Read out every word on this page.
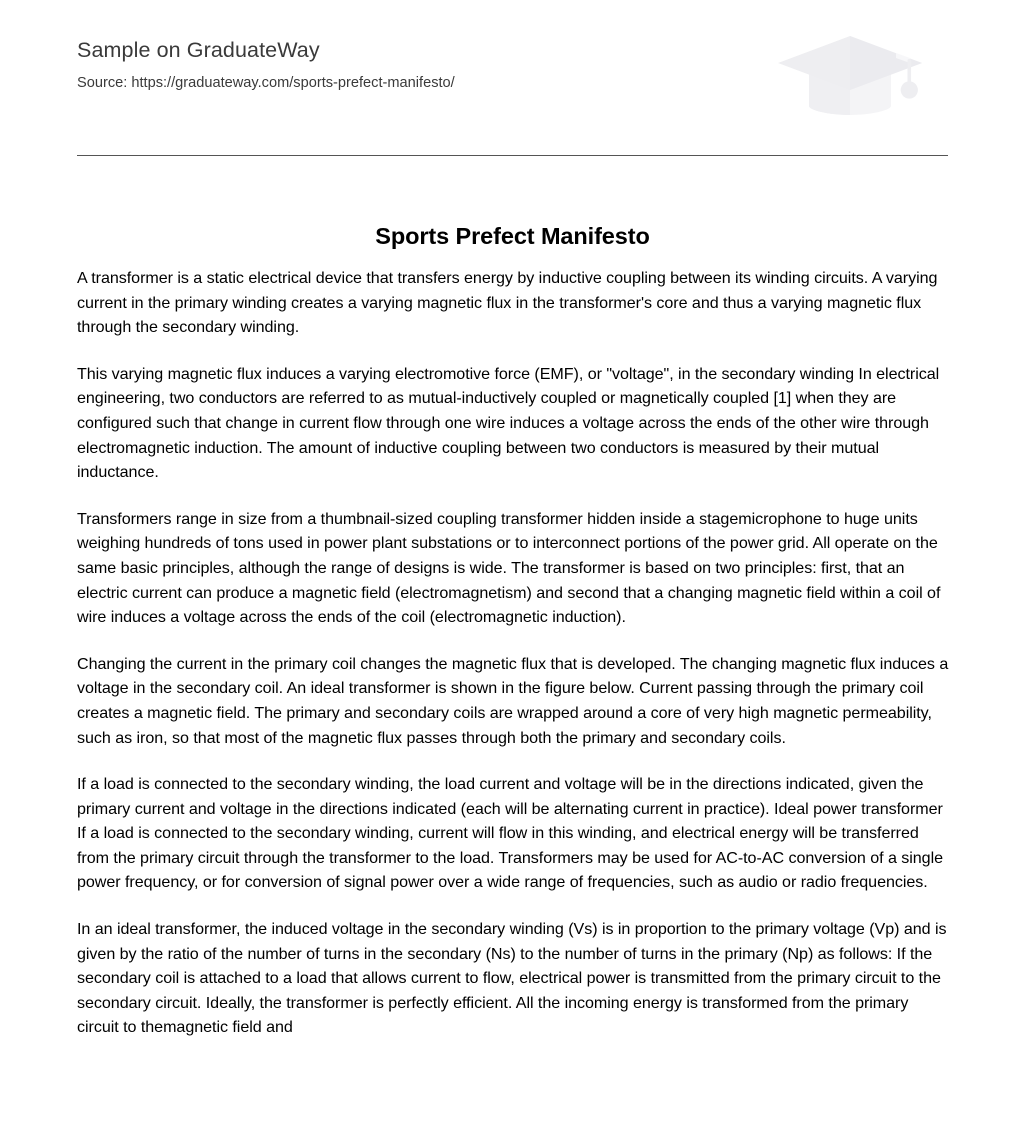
Sample on GraduateWay
Source: https://graduateway.com/sports-prefect-manifesto/
Sports Prefect Manifesto

A transformer is a static electrical device that transfers energy by inductive coupling between its winding circuits. A varying current in the primary winding creates a varying magnetic flux in the transformer's core and thus a varying magnetic flux through the secondary winding.

This varying magnetic flux induces a varying electromotive force (EMF), or "voltage", in the secondary winding In electrical engineering, two conductors are referred to as mutual-inductively coupled or magnetically coupled [1] when they are configured such that change in current flow through one wire induces a voltage across the ends of the other wire through electromagnetic induction. The amount of inductive coupling between two conductors is measured by their mutual inductance.

Transformers range in size from a thumbnail-sized coupling transformer hidden inside a stagemicrophone to huge units weighing hundreds of tons used in power plant substations or to interconnect portions of the power grid. All operate on the same basic principles, although the range of designs is wide. The transformer is based on two principles: first, that an electric current can produce a magnetic field (electromagnetism) and second that a changing magnetic field within a coil of wire induces a voltage across the ends of the coil (electromagnetic induction).

Changing the current in the primary coil changes the magnetic flux that is developed. The changing magnetic flux induces a voltage in the secondary coil. An ideal transformer is shown in the figure below. Current passing through the primary coil creates a magnetic field. The primary and secondary coils are wrapped around a core of very high magnetic permeability, such as iron, so that most of the magnetic flux passes through both the primary and secondary coils.

If a load is connected to the secondary winding, the load current and voltage will be in the directions indicated, given the primary current and voltage in the directions indicated (each will be alternating current in practice). Ideal power transformer If a load is connected to the secondary winding, current will flow in this winding, and electrical energy will be transferred from the primary circuit through the transformer to the load. Transformers may be used for AC-to-AC conversion of a single power frequency, or for conversion of signal power over a wide range of frequencies, such as audio or radio frequencies.

In an ideal transformer, the induced voltage in the secondary winding (Vs) is in proportion to the primary voltage (Vp) and is given by the ratio of the number of turns in the secondary (Ns) to the number of turns in the primary (Np) as follows: If the secondary coil is attached to a load that allows current to flow, electrical power is transmitted from the primary circuit to the secondary circuit. Ideally, the transformer is perfectly efficient. All the incoming energy is transformed from the primary circuit to themagnetic field and
